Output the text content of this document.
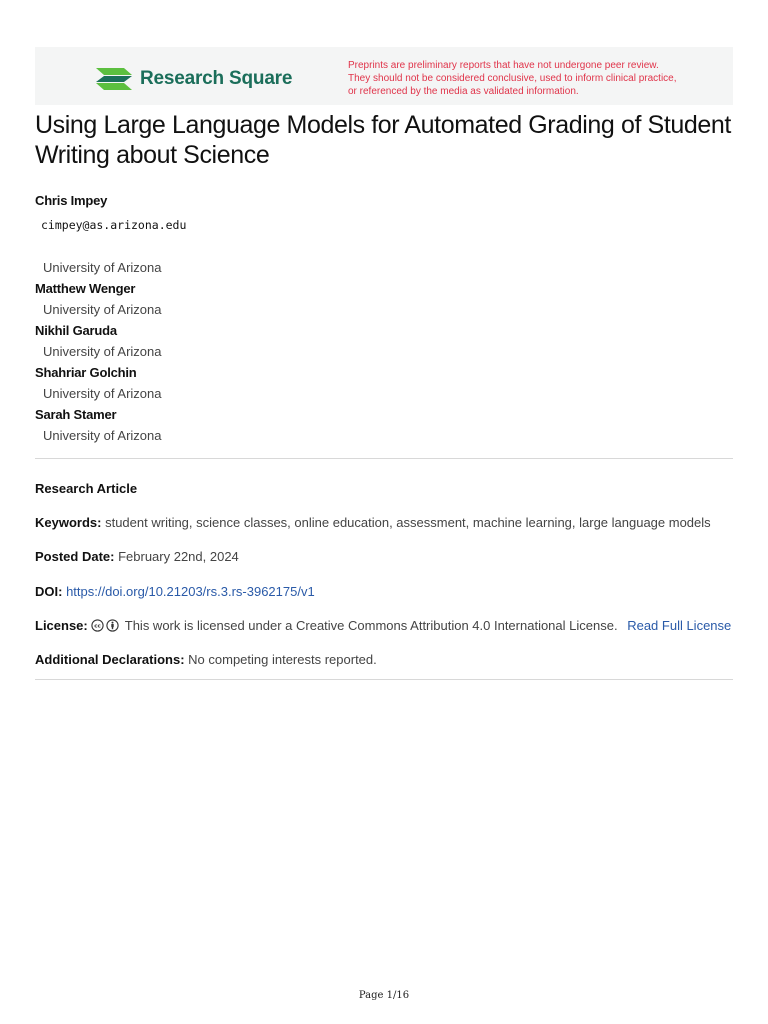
Research Square
Preprints are preliminary reports that have not undergone peer review.
They should not be considered conclusive, used to inform clinical practice,
or referenced by the media as validated information.
Using Large Language Models for Automated Grading of Student Writing about Science
Chris Impey
cimpey@as.arizona.edu
University of Arizona
Matthew Wenger
University of Arizona
Nikhil Garuda
University of Arizona
Shahriar Golchin
University of Arizona
Sarah Stamer
University of Arizona
Research Article
Keywords: student writing, science classes, online education, assessment, machine learning, large language models
Posted Date: February 22nd, 2024
DOI: https://doi.org/10.21203/rs.3.rs-3962175/v1
License: cc This work is licensed under a Creative Commons Attribution 4.0 International License. Read Full License
Additional Declarations: No competing interests reported.
Page 1/16
